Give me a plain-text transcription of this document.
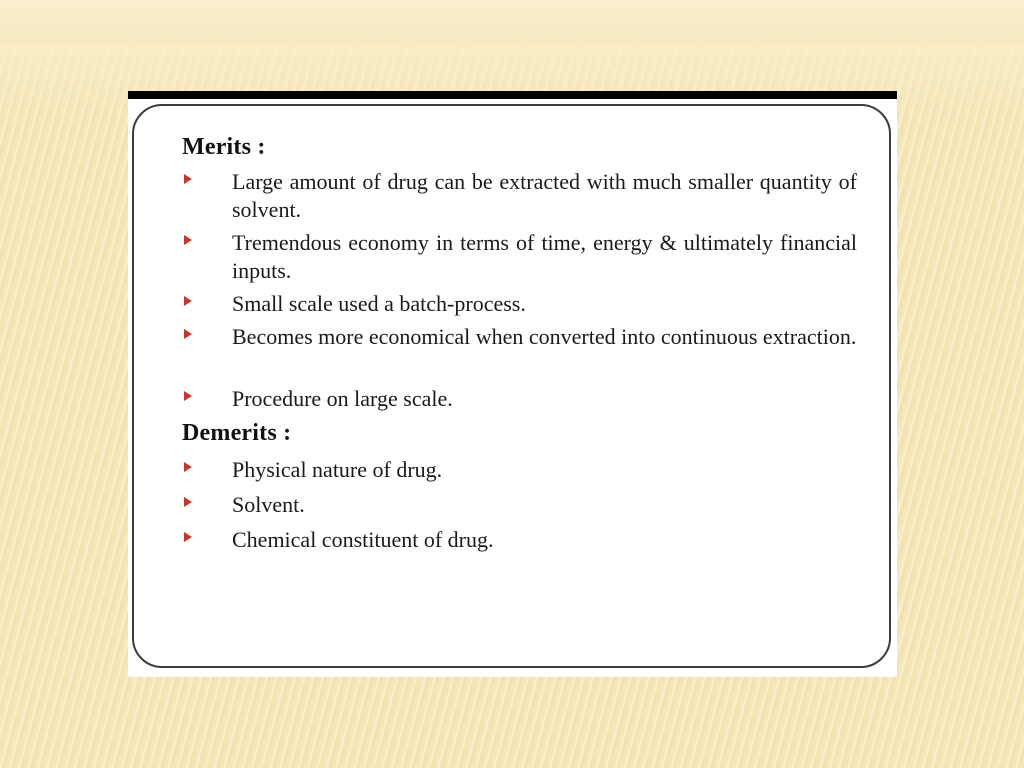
Merits :
Large amount of drug can be extracted with much smaller quantity of solvent.
Tremendous economy in terms of time, energy & ultimately financial inputs.
Small scale used a batch-process.
Becomes more economical when converted into continuous extraction.
Procedure on large scale.
Demerits :
Physical nature of drug.
Solvent.
Chemical constituent of drug.
